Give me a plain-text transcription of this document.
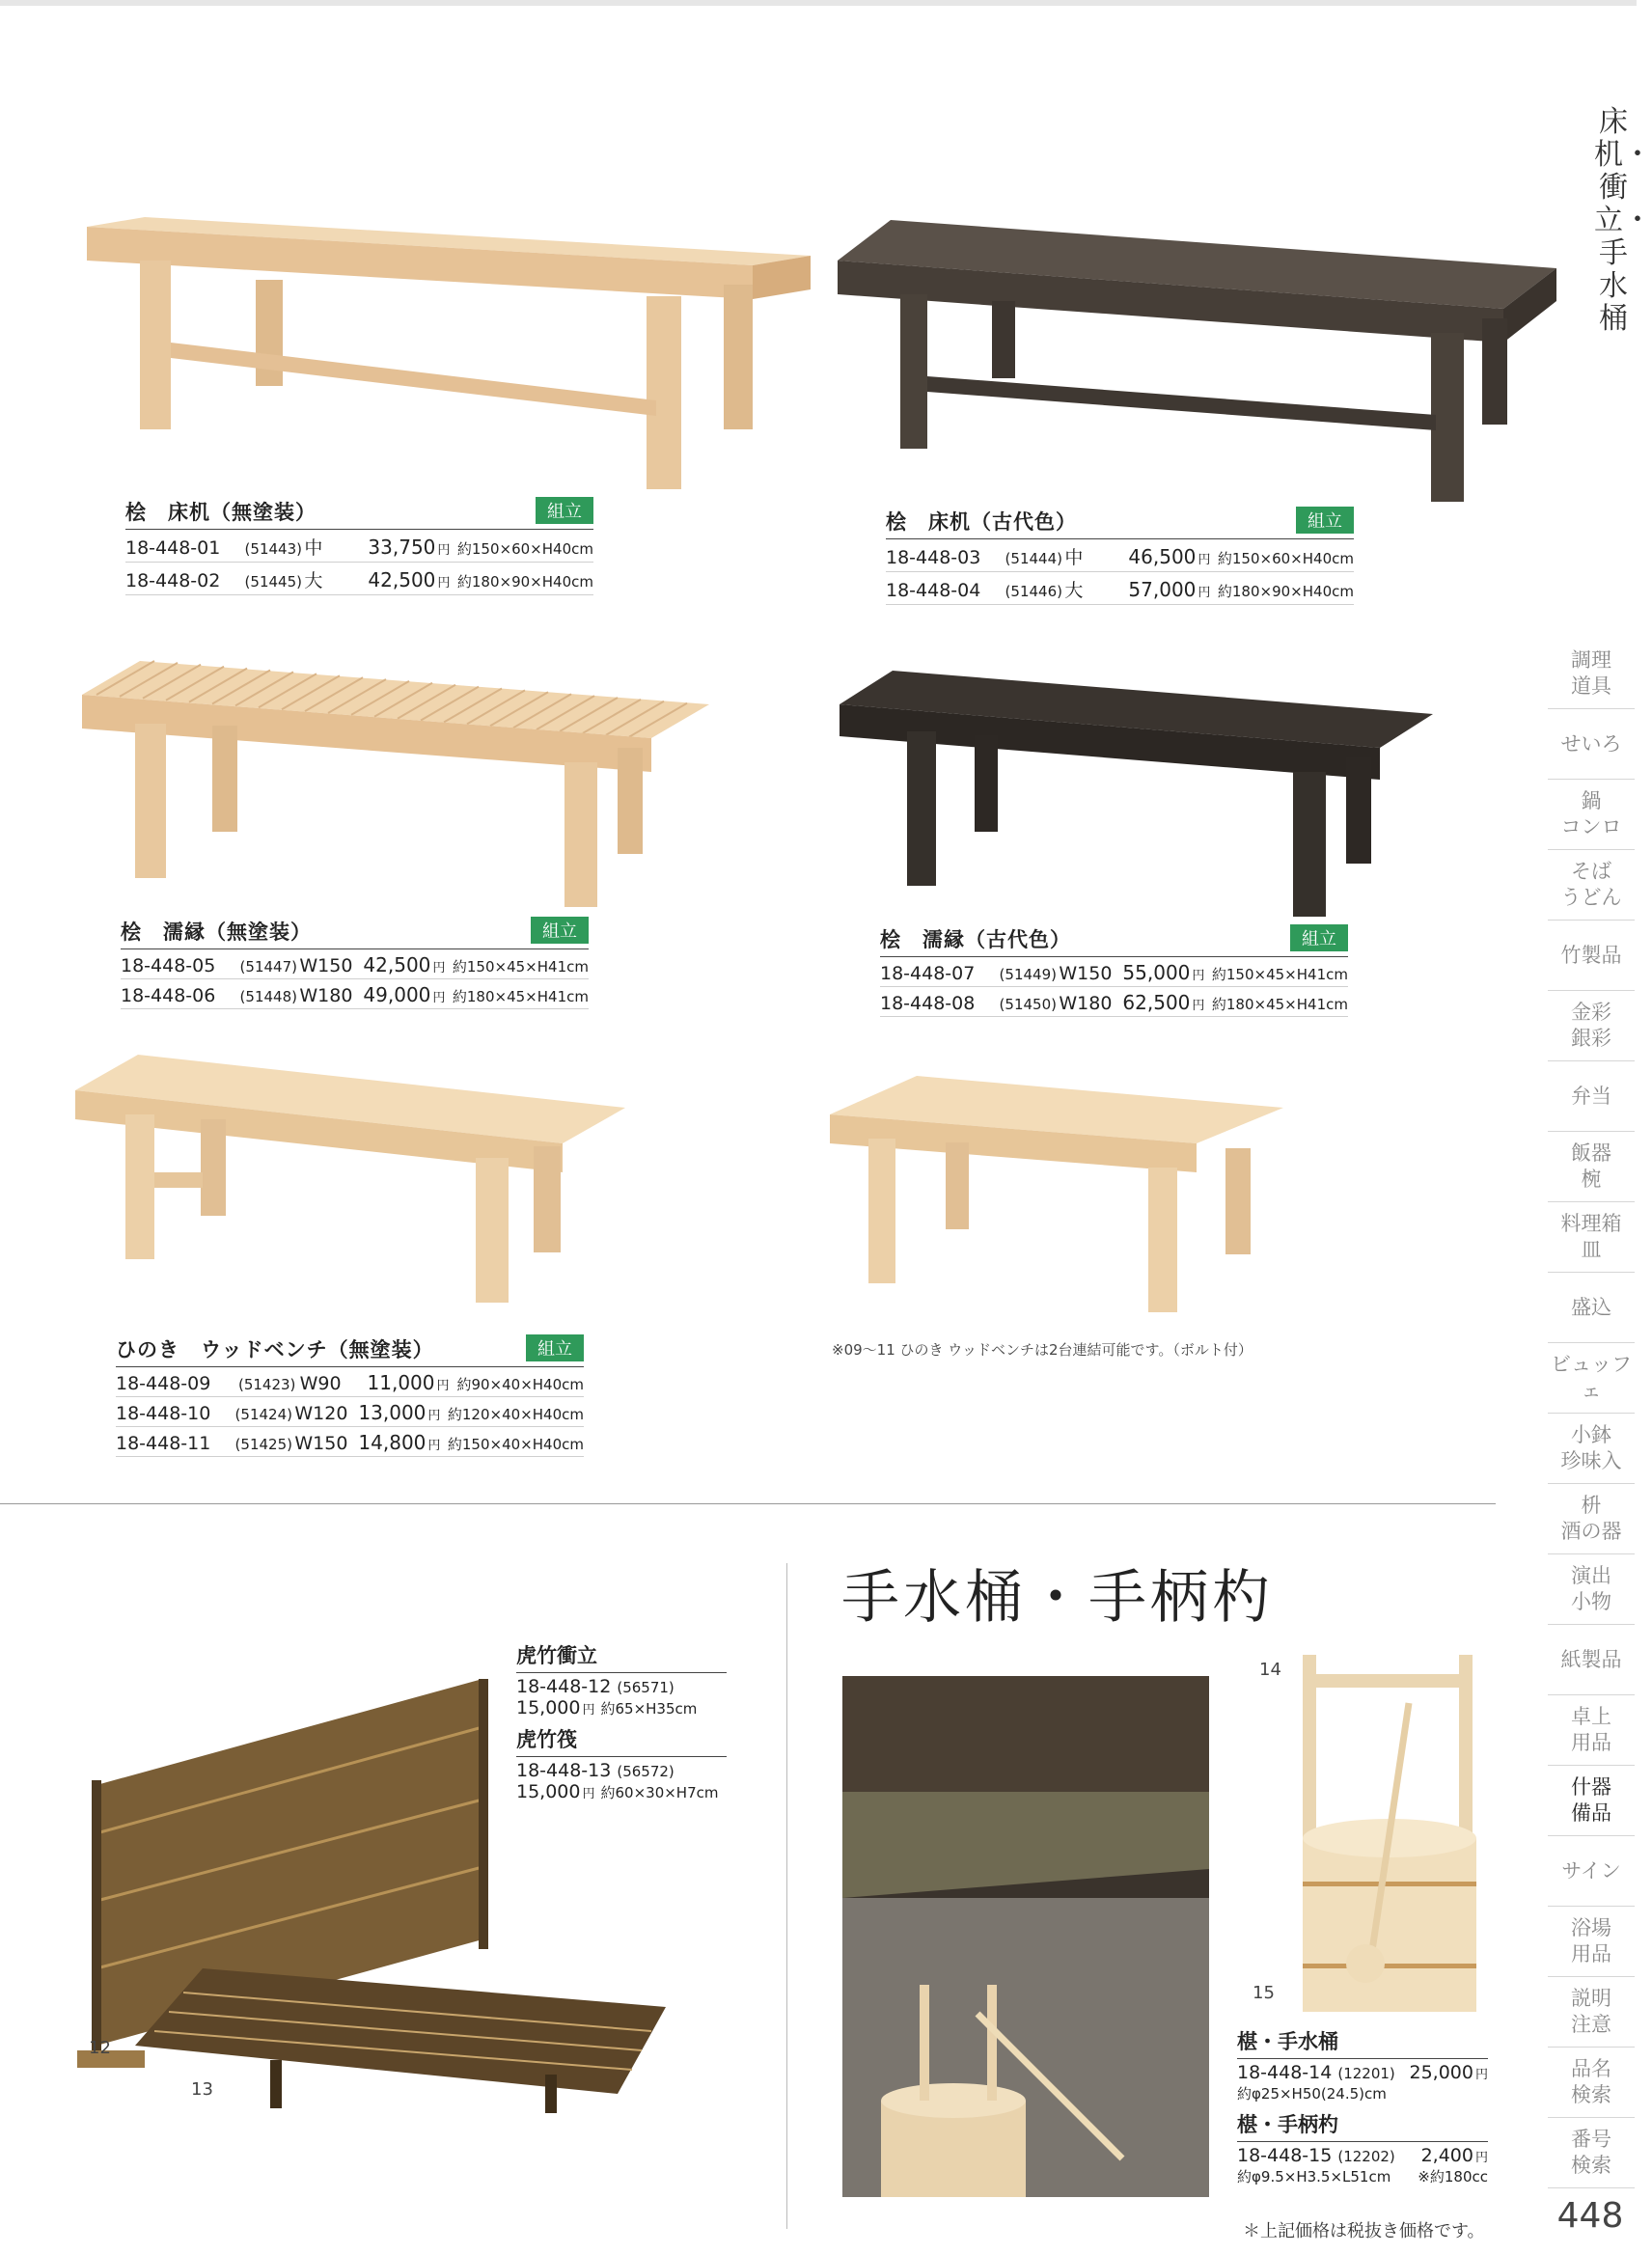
床机・衝立・手水桶
調理
道具
せいろ
鍋
コンロ
そば
うどん
竹製品
金彩
銀彩
弁当
飯器
椀
料理箱
皿
盛込
ビュッフェ
小鉢
珍味入
枡
酒の器
演出
小物
紙製品
卓上
用品
什器
備品
サイン
浴場
用品
説明
注意
品名
検索
番号
検索
桧　床机（無塗装）	組立
18-448-01	(51443) 中	33,750 円 約150×60×H40cm
18-448-02	(51445) 大	42,500 円 約180×90×H40cm
桧　床机（古代色）	組立
18-448-03	(51444) 中	46,500 円 約150×60×H40cm
18-448-04	(51446) 大	57,000 円 約180×90×H40cm
桧　濡縁（無塗装）	組立
18-448-05	(51447) W150 42,500 円 約150×45×H41cm
18-448-06	(51448) W180 49,000 円 約180×45×H41cm
桧　濡縁（古代色）	組立
18-448-07	(51449) W150 55,000 円 約150×45×H41cm
18-448-08	(51450) W180 62,500 円 約180×45×H41cm
ひのき　ウッドベンチ（無塗装）	組立
18-448-09	(51423) W90	11,000 円 約90×40×H40cm
18-448-10	(51424) W120 13,000 円 約120×40×H40cm
18-448-11	(51425) W150 14,800 円 約150×40×H40cm
※09～11 ひのき ウッドベンチは2台連結可能です。（ボルト付）
12
13
虎竹衝立
18-448-12 (56571)
15,000 円 約65×H35cm
虎竹筏
18-448-13 (56572)
15,000 円 約60×30×H7cm
手水桶・手柄杓
14
15
椹・手水桶
18-448-14 (12201) 25,000 円
約φ25×H50(24.5)cm
椹・手柄杓
18-448-15 (12202) 2,400 円
約φ9.5×H3.5×L51cm ※約180cc
＊上記価格は税抜き価格です。	448
